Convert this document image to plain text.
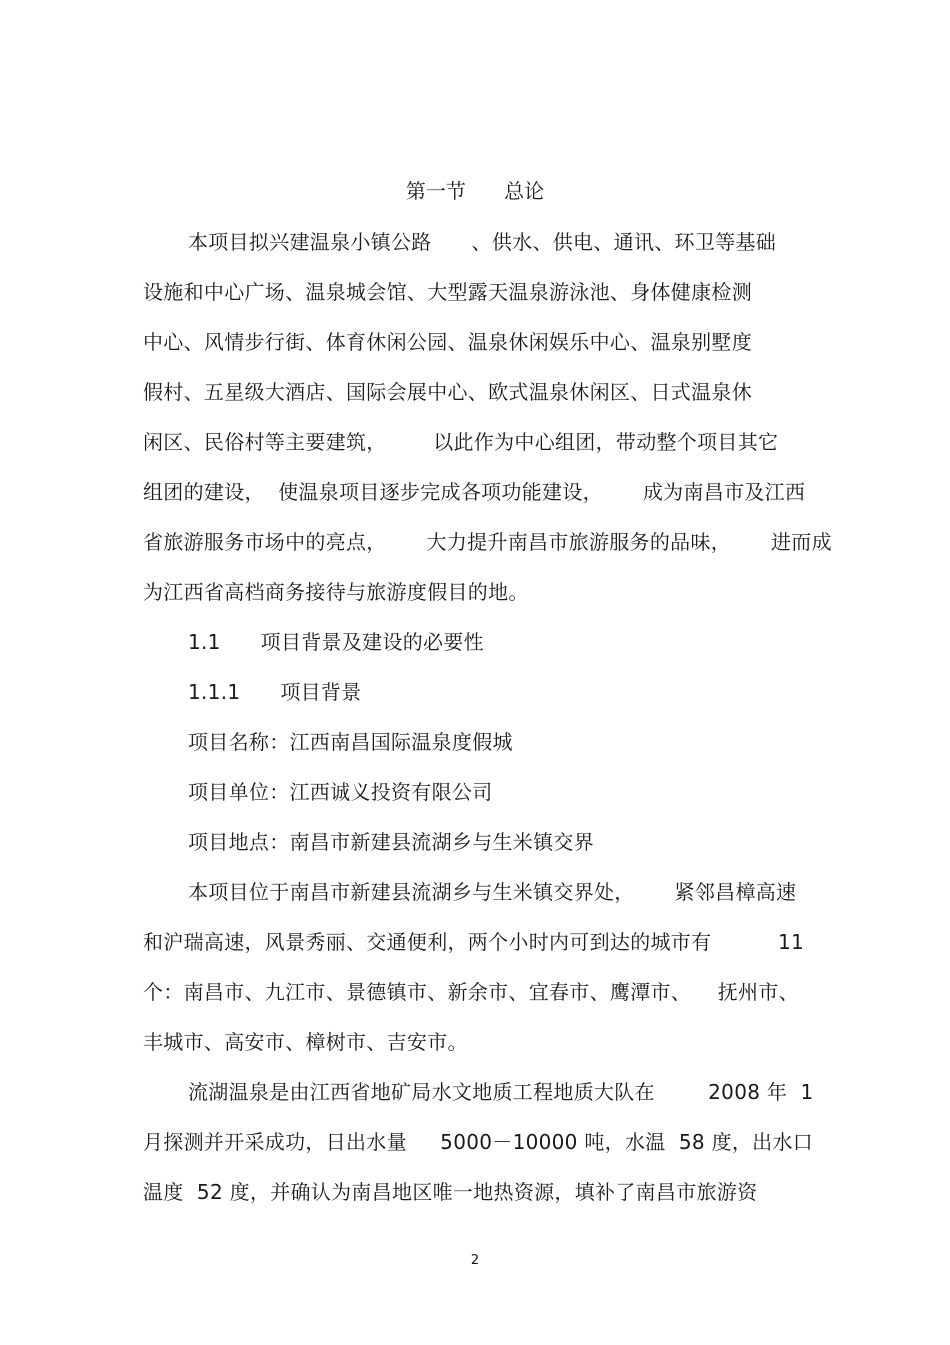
第一节      总论
本项目拟兴建温泉小镇公路      、供水、供电、通讯、环卫等基础
设施和中心广场、温泉城会馆、大型露天温泉游泳池、身体健康检测
中心、风情步行街、体育休闲公园、温泉休闲娱乐中心、温泉别墅度
假村、五星级大酒店、国际会展中心、欧式温泉休闲区、日式温泉休
闲区、民俗村等主要建筑，       以此作为中心组团，带动整个项目其它
组团的建设，  使温泉项目逐步完成各项功能建设，      成为南昌市及江西
省旅游服务市场中的亮点，      大力提升南昌市旅游服务的品味，      进而成
为江西省高档商务接待与旅游度假目的地。
1.1      项目背景及建设的必要性
1.1.1      项目背景
项目名称：江西南昌国际温泉度假城
项目单位：江西诚义投资有限公司
项目地点：南昌市新建县流湖乡与生米镇交界
本项目位于南昌市新建县流湖乡与生米镇交界处，      紧邻昌樟高速
和沪瑞高速，风景秀丽、交通便利，两个小时内可到达的城市有          11
个：南昌市、九江市、景德镇市、新余市、宜春市、鹰潭市、    抚州市、
丰城市、高安市、樟树市、吉安市。
流湖温泉是由江西省地矿局水文地质工程地质大队在        2008 年  1
月探测并开采成功，日出水量     5000－10000 吨，水温  58 度，出水口
温度  52 度，并确认为南昌地区唯一地热资源，填补了南昌市旅游资
2
